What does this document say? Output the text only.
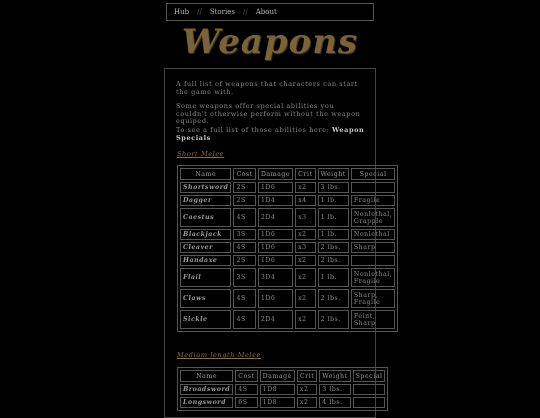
Hub // Stories // About
Weapons
A full list of weapons that characters can start the game with.
Some weapons offer special abilities you couldn't otherwise perform without the weapon equiped.
To see a full list of those abilities here: Weapon Specials
Short Melee
Name	Cost	Damage	Crit	Weight	Special
Shortsword	2S	1D6	x2	3 lbs.	
Dagger	2S	1D4	x4	1 lb.	Fragile
Caestus	4S	2D4	x3	1 lb.	Nonlethal, Grapple
Blackjack	3S	1D6	x2	1 lb.	Nonlethal
Cleaver	4S	1D6	x3	2 lbs.	Sharp
Handaxe	2S	1D6	x2	2 lbs.	
Flail	3S	3D4	x2	1 lb.	Nonlethal, Fragile
Claws	4S	1D6	x2	2 lbs.	Sharp, Fragile
Sickle	4S	2D4	x2	2 lbs.	Feint, Sharp
Medium length Melee
Name	Cost	Damage	Crit	Weight	Special
Broadsword	4S	1D8	x2	3 lbs.	
Longsword	6S	1D8	x2	4 lbs.	
